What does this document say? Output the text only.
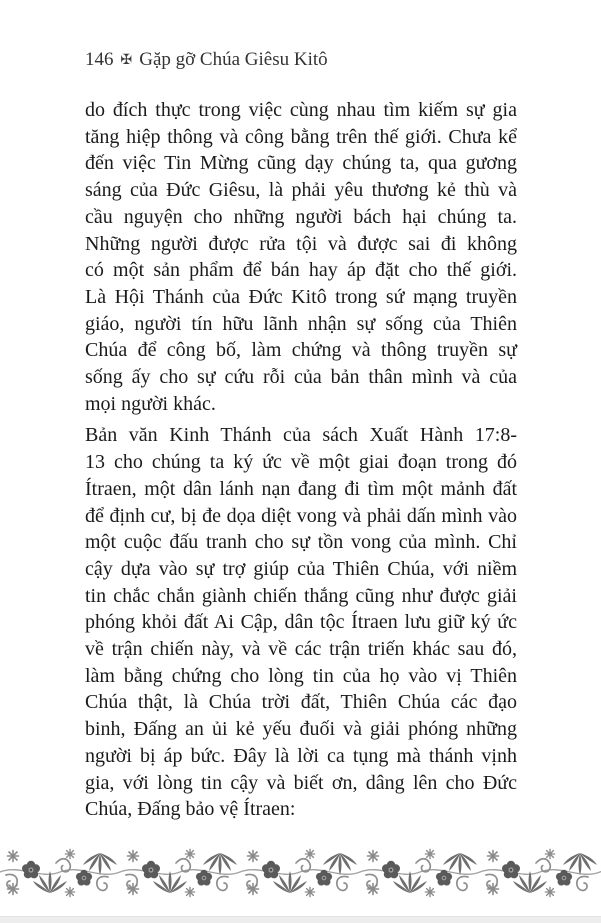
146 ✠ Gặp gỡ Chúa Giêsu Kitô
do đích thực trong việc cùng nhau tìm kiếm sự gia
tăng hiệp thông và công bằng trên thế giới. Chưa kể
đến việc Tin Mừng cũng dạy chúng ta, qua gương
sáng của Đức Giêsu, là phải yêu thương kẻ thù và
cầu nguyện cho những người bách hại chúng ta.
Những người được rửa tội và được sai đi không
có một sản phẩm để bán hay áp đặt cho thế giới.
Là Hội Thánh của Đức Kitô trong sứ mạng truyền
giáo, người tín hữu lãnh nhận sự sống của Thiên
Chúa để công bố, làm chứng và thông truyền sự
sống ấy cho sự cứu rỗi của bản thân mình và của
mọi người khác.
Bản văn Kinh Thánh của sách Xuất Hành 17:8-
13 cho chúng ta ký ức về một giai đoạn trong đó
Ítraen, một dân lánh nạn đang đi tìm một mảnh đất
để định cư, bị đe dọa diệt vong và phải dấn mình vào
một cuộc đấu tranh cho sự tồn vong của mình. Chỉ
cậy dựa vào sự trợ giúp của Thiên Chúa, với niềm
tin chắc chắn giành chiến thắng cũng như được giải
phóng khỏi đất Ai Cập, dân tộc Ítraen lưu giữ ký ức
về trận chiến này, và về các trận triến khác sau đó,
làm bằng chứng cho lòng tin của họ vào vị Thiên
Chúa thật, là Chúa trời đất, Thiên Chúa các đạo
binh, Đấng an ủi kẻ yếu đuối và giải phóng những
người bị áp bức. Đây là lời ca tụng mà thánh vịnh
gia, với lòng tin cậy và biết ơn, dâng lên cho Đức
Chúa, Đấng bảo vệ Ítraen:
